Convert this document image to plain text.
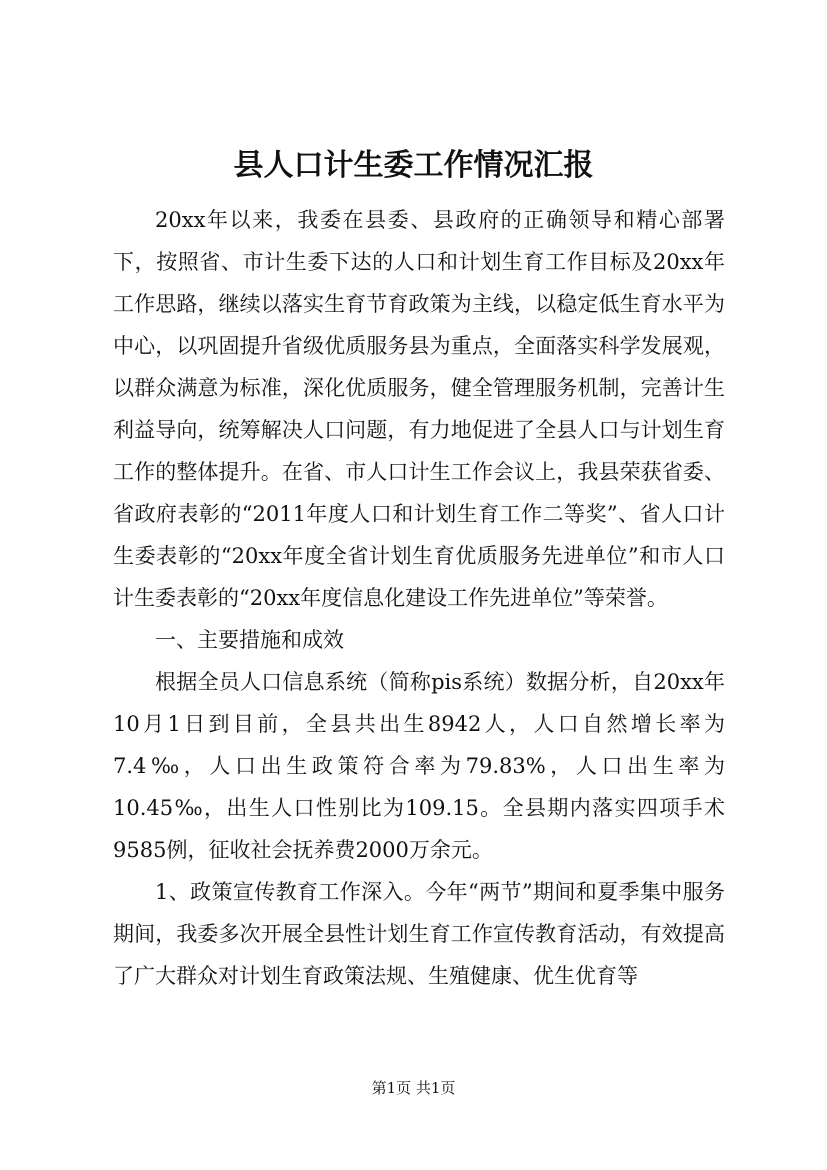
县人口计生委工作情况汇报

20xx年以来，我委在县委、县政府的正确领导和精心部署下，按照省、市计生委下达的人口和计划生育工作目标及20xx年工作思路，继续以落实生育节育政策为主线，以稳定低生育水平为中心，以巩固提升省级优质服务县为重点，全面落实科学发展观，以群众满意为标准，深化优质服务，健全管理服务机制，完善计生利益导向，统筹解决人口问题，有力地促进了全县人口与计划生育工作的整体提升。在省、市人口计生工作会议上，我县荣获省委、省政府表彰的“2011年度人口和计划生育工作二等奖”、省人口计生委表彰的“20xx年度全省计划生育优质服务先进单位”和市人口计生委表彰的“20xx年度信息化建设工作先进单位”等荣誉。

一、主要措施和成效

根据全员人口信息系统（简称pis系统）数据分析，自20xx年10月1日到目前，全县共出生8942人，人口自然增长率为7.4‰，人口出生政策符合率为79.83%，人口出生率为10.45‰，出生人口性别比为109.15。全县期内落实四项手术9585例，征收社会抚养费2000万余元。

1、政策宣传教育工作深入。今年“两节”期间和夏季集中服务期间，我委多次开展全县性计划生育工作宣传教育活动，有效提高了广大群众对计划生育政策法规、生殖健康、优生优育等

第1页 共1页
